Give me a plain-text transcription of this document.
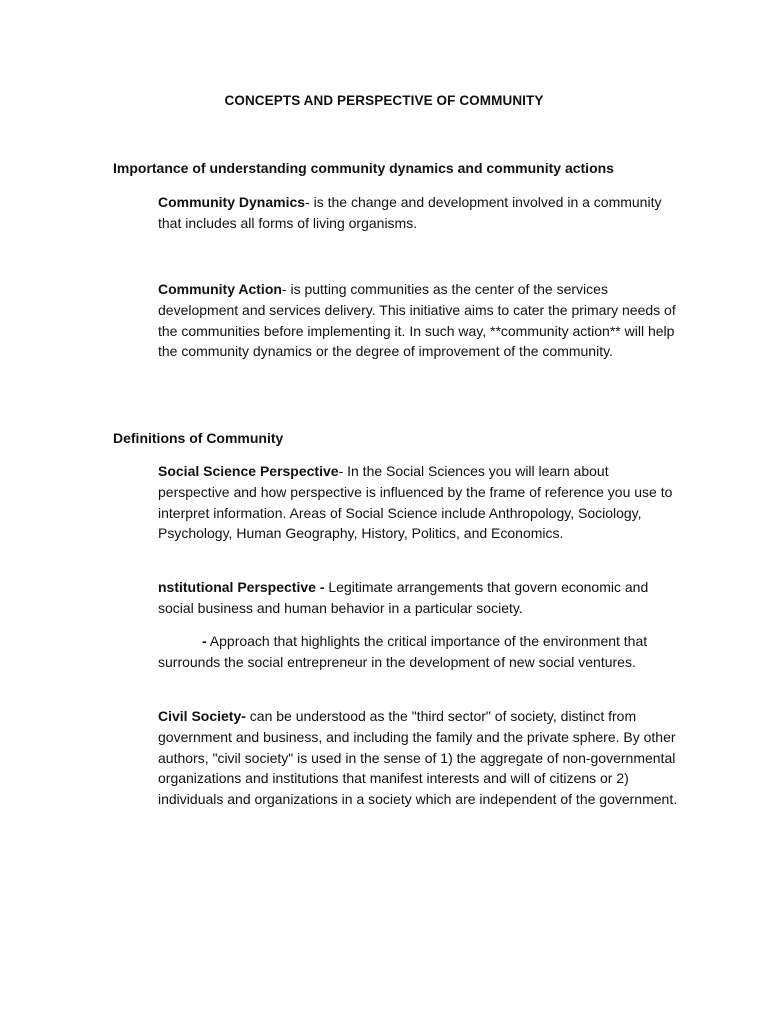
CONCEPTS AND PERSPECTIVE OF COMMUNITY
Importance of understanding community dynamics and community actions

Community Dynamics- is the change and development involved in a community that includes all forms of living organisms.

Community Action- is putting communities as the center of the services development and services delivery. This initiative aims to cater the primary needs of the communities before implementing it. In such way, **community action** will help the community dynamics or the degree of improvement of the community.

Definitions of Community

Social Science Perspective- In the Social Sciences you will learn about perspective and how perspective is influenced by the frame of reference you use to interpret information. Areas of Social Science include Anthropology, Sociology, Psychology, Human Geography, History, Politics, and Economics.

nstitutional Perspective - Legitimate arrangements that govern economic and social business and human behavior in a particular society.

- Approach that highlights the critical importance of the environment that surrounds the social entrepreneur in the development of new social ventures.

Civil Society- can be understood as the "third sector" of society, distinct from government and business, and including the family and the private sphere. By other authors, "civil society" is used in the sense of 1) the aggregate of non-governmental organizations and institutions that manifest interests and will of citizens or 2) individuals and organizations in a society which are independent of the government.
